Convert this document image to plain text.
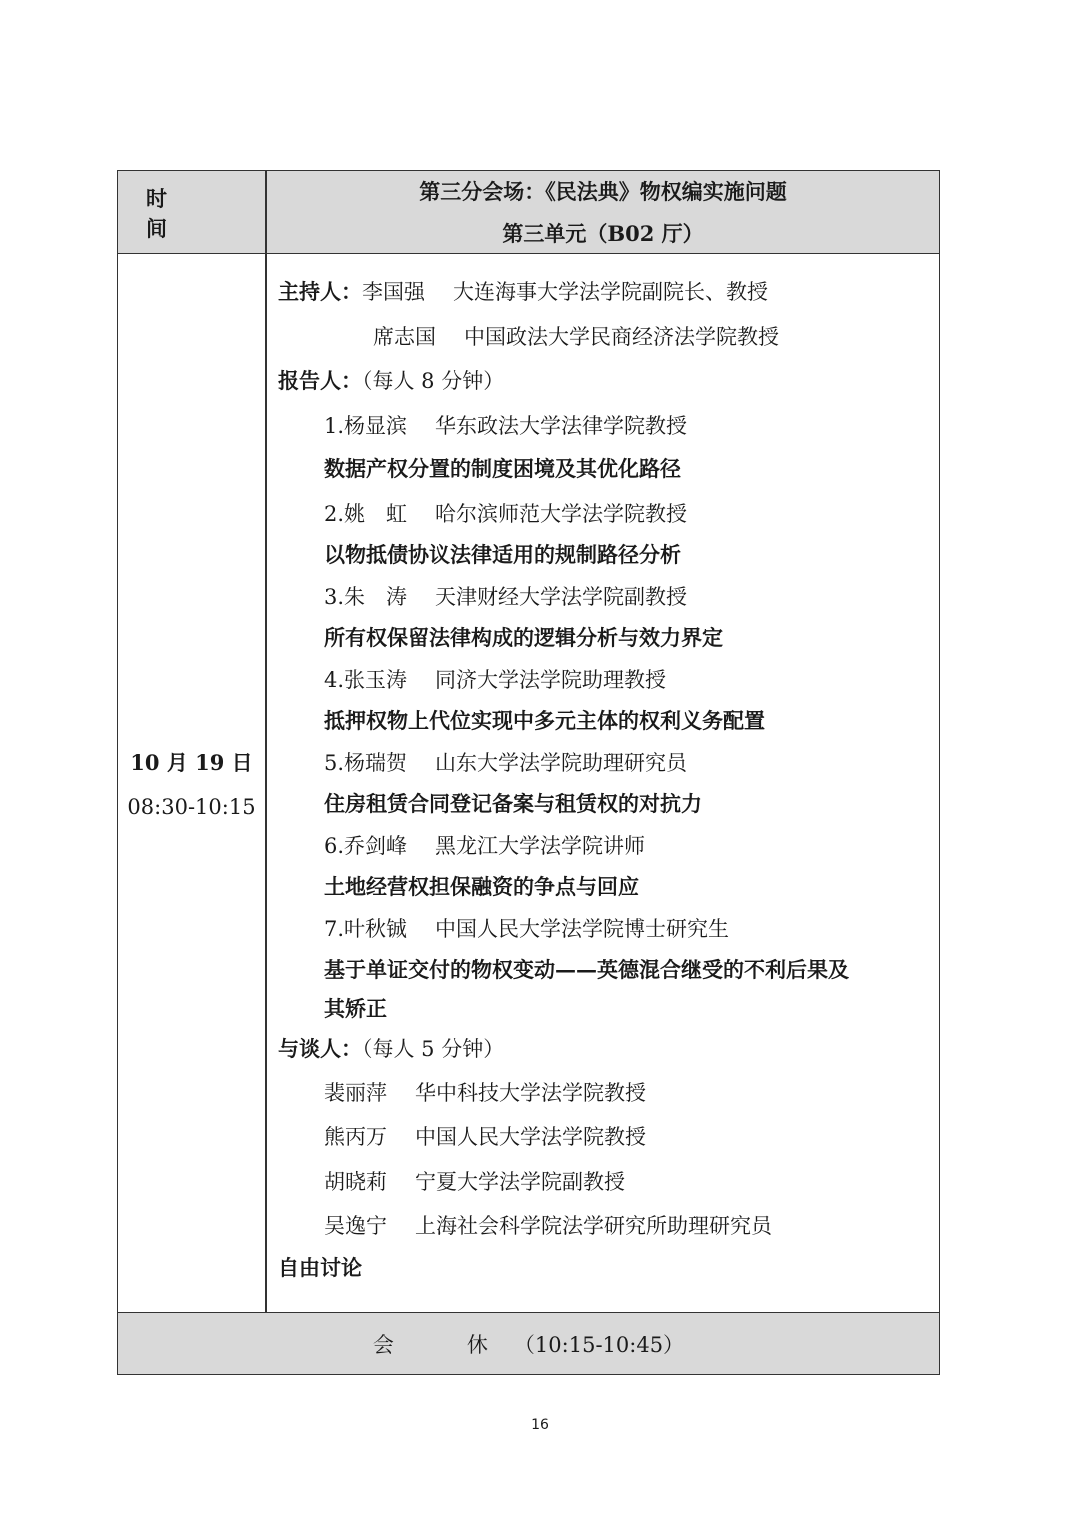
时　间
第三分会场：《民法典》物权编实施问题
第三单元（B02 厅）
10 月 19 日
08:30-10:15
主持人：李国强 大连海事大学法学院副院长、教授
席志国 中国政法大学民商经济法学院教授
报告人：（每人 8 分钟）
1.杨显滨 华东政法大学法律学院教授
数据产权分置的制度困境及其优化路径
2.姚　虹 哈尔滨师范大学法学院教授
以物抵债协议法律适用的规制路径分析
3.朱　涛 天津财经大学法学院副教授
所有权保留法律构成的逻辑分析与效力界定
4.张玉涛 同济大学法学院助理教授
抵押权物上代位实现中多元主体的权利义务配置
5.杨瑞贺 山东大学法学院助理研究员
住房租赁合同登记备案与租赁权的对抗力
6.乔剑峰 黑龙江大学法学院讲师
土地经营权担保融资的争点与回应
7.叶秋铖 中国人民大学法学院博士研究生
基于单证交付的物权变动——英德混合继受的不利后果及
其矫正
与谈人：（每人 5 分钟）
裴丽萍 华中科技大学法学院教授
熊丙万 中国人民大学法学院教授
胡晓莉 宁夏大学法学院副教授
吴逸宁 上海社会科学院法学研究所助理研究员
自由讨论
会　休 （10:15-10:45）
16
